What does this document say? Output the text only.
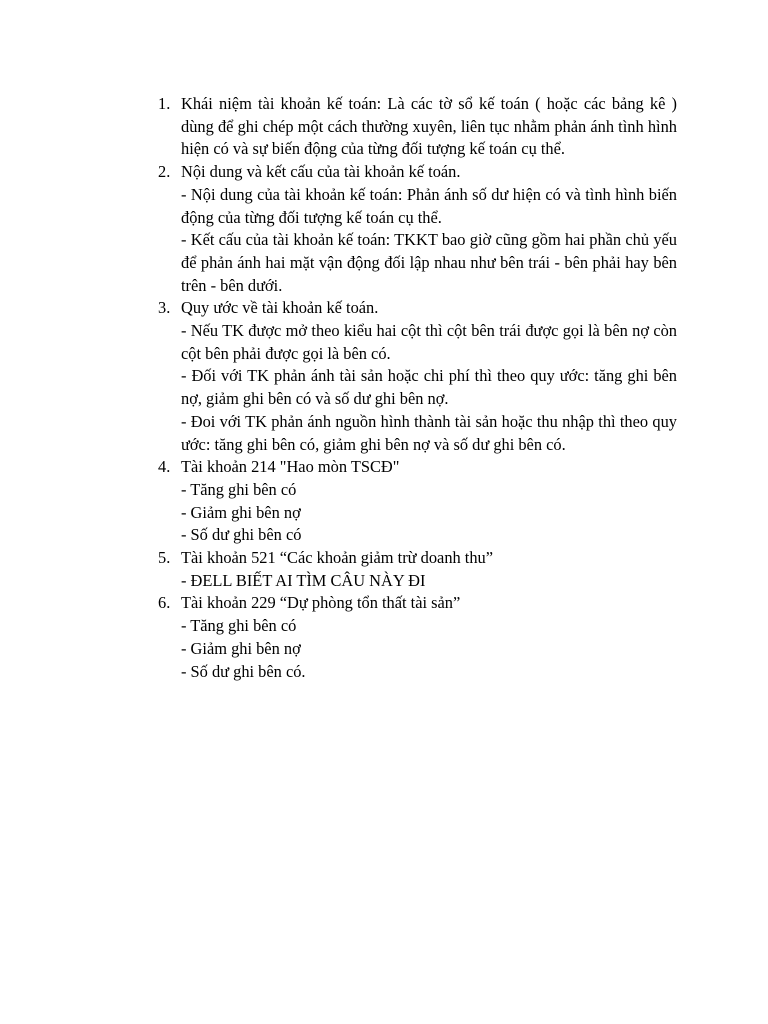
1. Khái niệm tài khoản kế toán: Là các tờ sổ kế toán ( hoặc các bảng kê ) dùng để ghi chép một cách thường xuyên, liên tục nhằm phản ánh tình hình hiện có và sự biến động của từng đối tượng kế toán cụ thể.

2. Nội dung và kết cấu của tài khoản kế toán.

- Nội dung của tài khoản kế toán: Phản ánh số dư hiện có và tình hình biến động của từng đối tượng kế toán cụ thể.

- Kết cấu của tài khoản kế toán: TKKT bao giờ cũng gồm hai phần chủ yếu để phản ánh hai mặt vận động đối lập nhau như bên trái - bên phải hay bên trên - bên dưới.

3. Quy ước về tài khoản kế toán.

- Nếu TK được mở theo kiểu hai cột thì cột bên trái được gọi là bên nợ còn cột bên phải được gọi là bên có.

- Đối với TK phản ánh tài sản hoặc chi phí thì theo quy ước: tăng ghi bên nợ, giảm ghi bên có và số dư ghi bên nợ.

- Đoi với TK phản ánh nguồn hình thành tài sản hoặc thu nhập thì theo quy ước: tăng ghi bên có, giảm ghi bên nợ và số dư ghi bên có.

4. Tài khoản 214 "Hao mòn TSCĐ"

- Tăng ghi bên có

- Giảm ghi bên nợ

- Số dư ghi bên có

5. Tài khoản 521 “Các khoản giảm trừ doanh thu”

- ĐELL BIẾT AI TÌM CÂU NÀY ĐI

6. Tài khoản 229 “Dự phòng tổn thất tài sản”

- Tăng ghi bên có

- Giảm ghi bên nợ

- Số dư ghi bên có.
